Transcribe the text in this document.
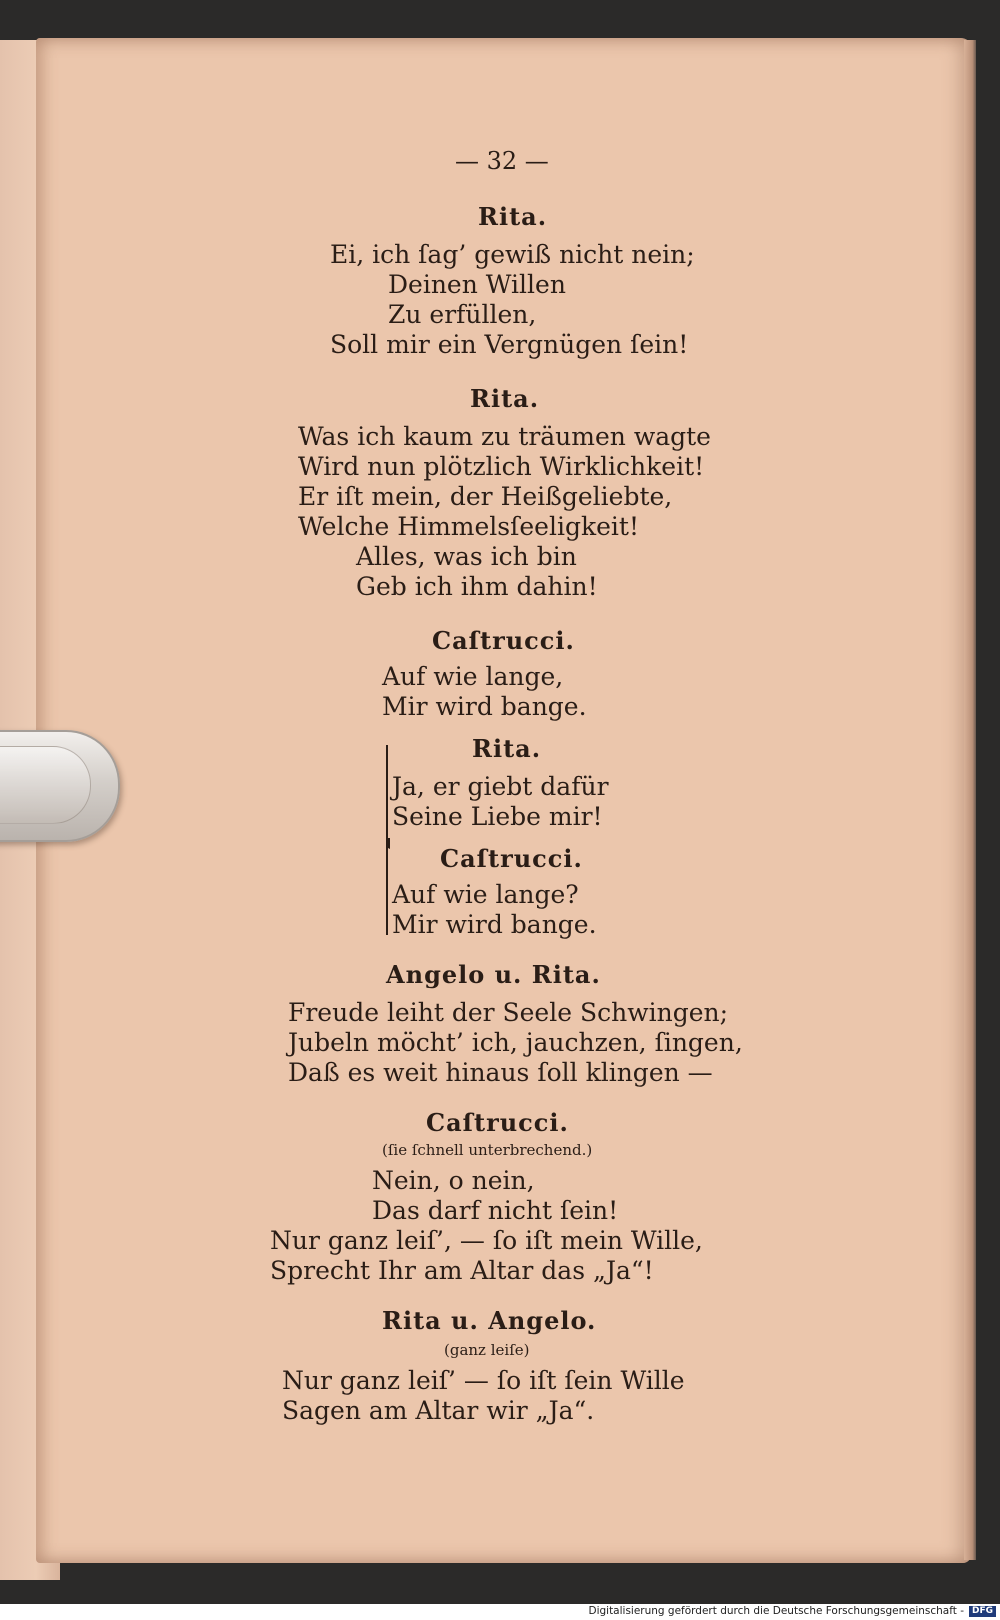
— 32 —
Rita.
Ei, ich ſag’ gewiß nicht nein;
Deinen Willen
Zu erfüllen,
Soll mir ein Vergnügen ſein!
Rita.
Was ich kaum zu träumen wagte
Wird nun plötzlich Wirklichkeit!
Er iſt mein, der Heißgeliebte,
Welche Himmelsſeeligkeit!
Alles, was ich bin
Geb ich ihm dahin!
Caſtrucci.
Auf wie lange,
Mir wird bange.
Rita.
Ja, er giebt dafür
Seine Liebe mir!
Caſtrucci.
Auf wie lange?
Mir wird bange.
Angelo u. Rita.
Freude leiht der Seele Schwingen;
Jubeln möcht’ ich, jauchzen, ſingen,
Daß es weit hinaus ſoll klingen —
Caſtrucci.
(ſie ſchnell unterbrechend.)
Nein, o nein,
Das darf nicht ſein!
Nur ganz leiſ’, — ſo iſt mein Wille,
Sprecht Ihr am Altar das „Ja“!
Rita u. Angelo.
(ganz leiſe)
Nur ganz leiſ’ — ſo iſt ſein Wille
Sagen am Altar wir „Ja“.
Digitalisierung gefördert durch die Deutsche Forschungsgemeinschaft - DFG
